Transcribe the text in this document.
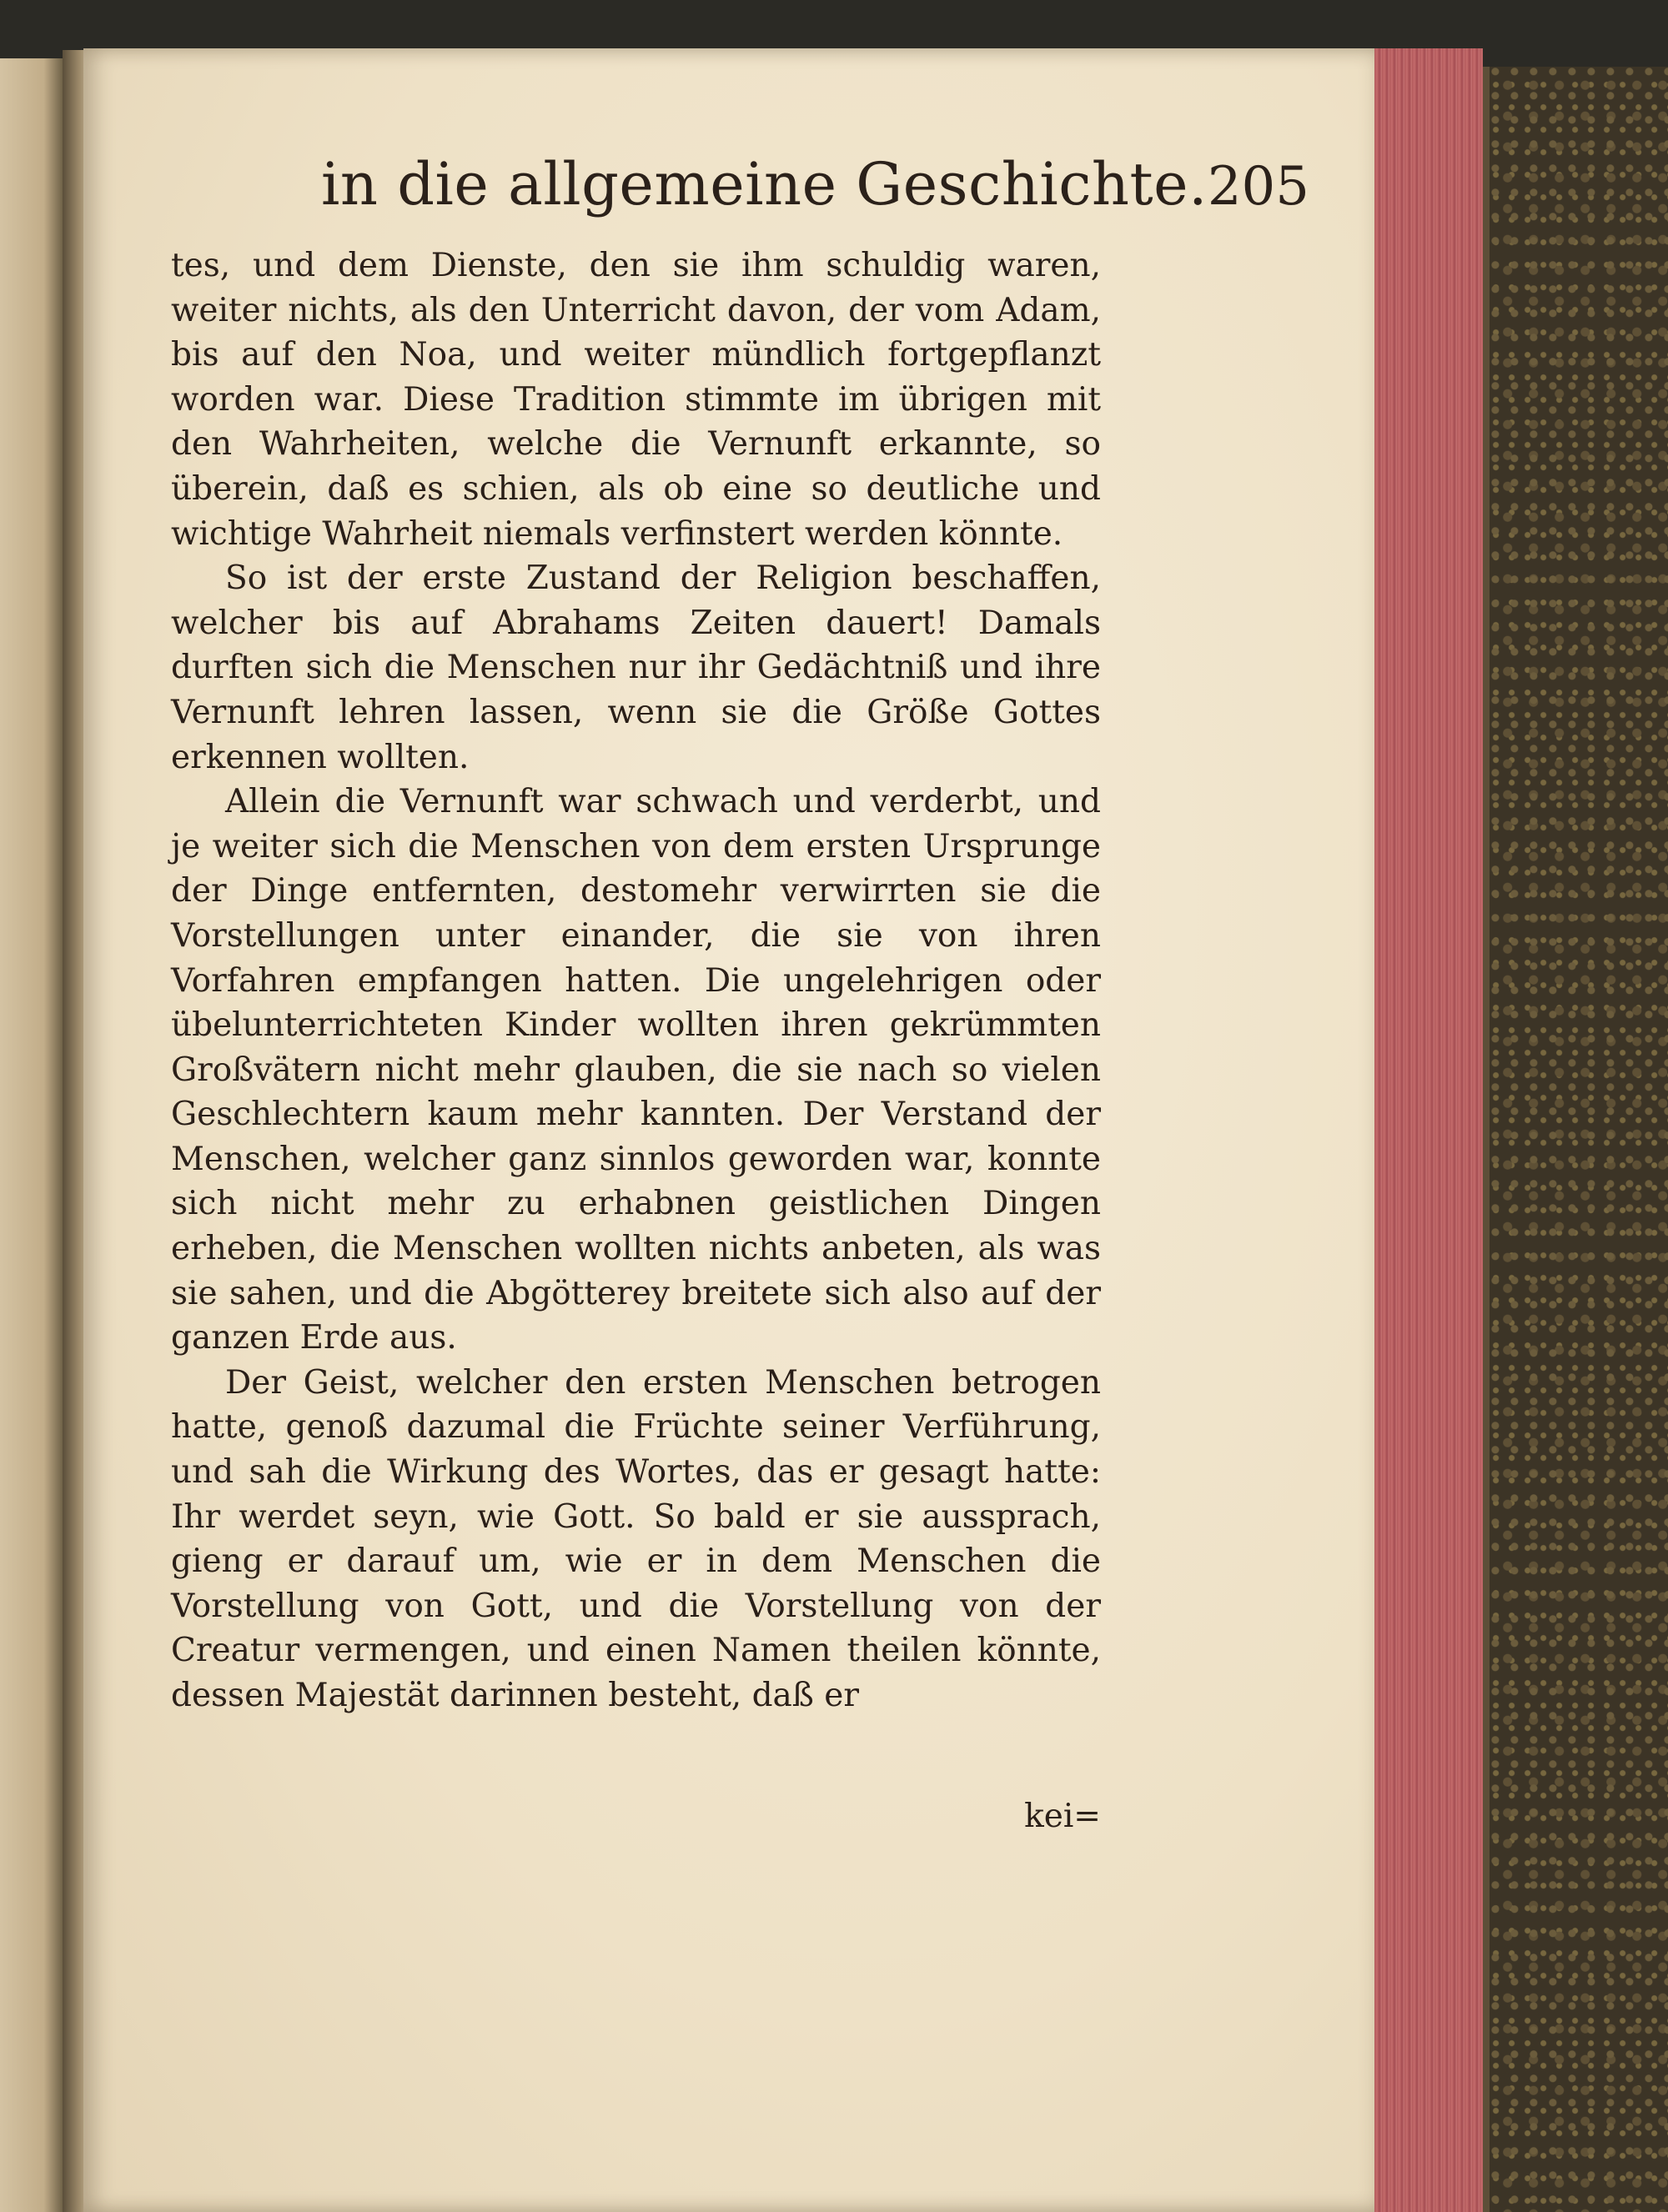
in die allgemeine Geschichte. 205

tes, und dem Dienste, den sie ihm schuldig waren, weiter nichts, als den Unterricht davon, der vom Adam, bis auf den Noa, und weiter mündlich fortgepflanzt worden war. Diese Tradition stimmte im übrigen mit den Wahrheiten, welche die Vernunft erkannte, so überein, daß es schien, als ob eine so deutliche und wichtige Wahrheit niemals verfinstert werden könnte.

So ist der erste Zustand der Religion beschaffen, welcher bis auf Abrahams Zeiten dauert! Damals durften sich die Menschen nur ihr Gedächtniß und ihre Vernunft lehren lassen, wenn sie die Größe Gottes erkennen wollten.

Allein die Vernunft war schwach und verderbt, und je weiter sich die Menschen von dem ersten Ursprunge der Dinge entfernten, destomehr verwirrten sie die Vorstellungen unter einander, die sie von ihren Vorfahren empfangen hatten. Die ungelehrigen oder übelunterrichteten Kinder wollten ihren gekrümmten Großvätern nicht mehr glauben, die sie nach so vielen Geschlechtern kaum mehr kannten. Der Verstand der Menschen, welcher ganz sinnlos geworden war, konnte sich nicht mehr zu erhabnen geistlichen Dingen erheben, die Menschen wollten nichts anbeten, als was sie sahen, und die Abgötterey breitete sich also auf der ganzen Erde aus.

Der Geist, welcher den ersten Menschen betrogen hatte, genoß dazumal die Früchte seiner Verführung, und sah die Wirkung des Wortes, das er gesagt hatte: Ihr werdet seyn, wie Gott. So bald er sie aussprach, gieng er darauf um, wie er in dem Menschen die Vorstellung von Gott, und die Vorstellung von der Creatur vermengen, und einen Namen theilen könnte, dessen Majestät darinnen besteht, daß er

kei=
